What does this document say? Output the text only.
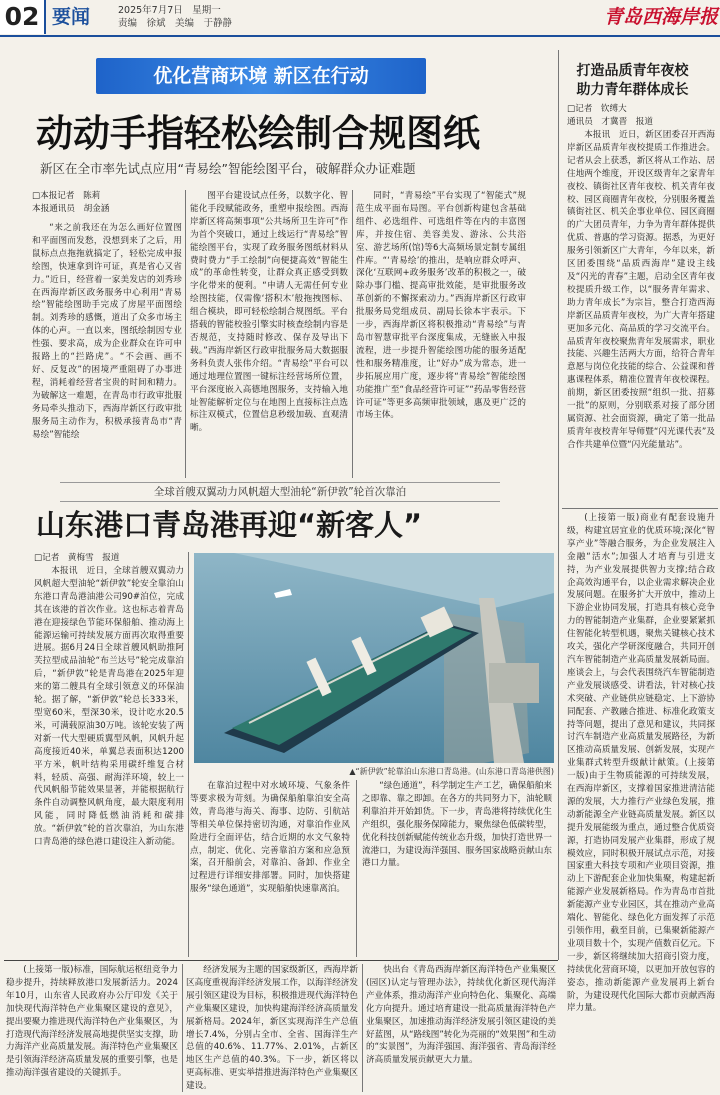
02 要闻	2025年7月7日　星期一
责编　徐斌　美编　于静静	青岛西海岸报
优化营商环境 新区在行动
动动手指轻松绘制合规图纸
新区在全市率先试点应用“青易绘”智能绘图平台，破解群众办证难题
□本报记者　陈莉
本报通讯员　胡金涵

“来之前我还在为怎么画好位置图和平面图而发愁，没想到来了之后，用鼠标点点拖拖就搞定了，轻松完成申报绘图，快速拿到许可证，真是省心又省力。”近日，经营着一家美发店的刘秀珍在西海岸新区政务服务中心利用“青易绘”智能绘图助手完成了房屋平面图绘制。刘秀珍的感慨，道出了众多市场主体的心声。一直以来，图纸绘制因专业性强、要求高，成为企业群众在许可申报路上的“拦路虎”。“不会画、画不好、反复改”的困境严重阻碍了办事进程，消耗着经营者宝贵的时间和精力。为破解这一难题，在青岛市行政审批服务局牵头推动下，西海岸新区行政审批服务局主动作为，积极承接青岛市“青易绘”智能绘

图平台建设试点任务，以数字化、智能化手段赋能政务，重塑申报绘图。西海岸新区将高频事项“公共场所卫生许可”作为首个突破口，通过上线运行“青易绘”智能绘图平台，实现了政务服务图纸材料从费时费力“手工绘制”向便捷高效“智能生成”的革命性转变，让群众真正感受到数字化带来的便利。“申请人无需任何专业绘图技能，仅需像‘搭积木’般拖拽图标、组合模块，即可轻松绘制合规图纸。平台搭载的智能校验引擎实时核查绘制内容是否规范，支持随时修改、保存及导出下载。”西海岸新区行政审批服务局大数据服务科负责人张伟介绍。“青易绘”平台可以通过地理位置图一键标注经营场所位置，平台深度嵌入高德地图服务，支持输入地址智能解析定位与在地图上直接标注点选标注双模式，位置信息秒级加载、直观清晰。

同时，“青易绘”平台实现了“智能式”规范生成平面布局图。平台创新构建包含基础组件、必选组件、可选组件等在内的丰富图库，并按住宿、美容美发、游泳、公共浴室、游艺场所(馆)等6大高频场景定制专属组件库。“‘青易绘’的推出，是响应群众呼声、深化‘互联网+政务服务’改革的积极之一，破除办事门槛、提高审批效能，是审批服务改革创新的不懈探索动力。”西海岸新区行政审批服务局党组成员、副局长徐本宇表示。下一步，西海岸新区将积极推动“青易绘”与青岛市智慧审批平台深度集成，无缝嵌入申报流程，进一步提升智能绘图功能的服务适配性和服务精准度，让“好办”成为常态，进一步拓展应用广度，逐步将“青易绘”智能绘图功能推广至“食品经营许可证”“药品零售经营许可证”等更多高频审批领域，惠及更广泛的市场主体。

打造品质青年夜校
助力青年群体成长
□记者　钦缚大
通讯员　才冀晋　报道

本报讯　近日，新区团委召开西海岸新区品质青年夜校提质工作推进会。记者从会上获悉，新区将从工作站、居住地两个维度，开设区级青年之家青年夜校、镇街社区青年夜校、机关青年夜校、园区商圈青年夜校，分别服务覆盖镇街社区、机关企事业单位、园区商圈的广大团员青年，力争为青年群体提供优质、普惠的学习资源。据悉，为更好服务引领新区广大青年，今年以来，新区团委围绕“品质西海岸”建设主线及“闪光的青春”主题，启动全区青年夜校提质升级工作，以“服务青年需求、助力青年成长”为宗旨，整合打造西海岸新区品质青年夜校，为广大青年搭建更加多元化、高品质的学习交流平台。品质青年夜校聚焦青年发展需求，职业技能、兴趣生活两大方面，给符合青年意愿与岗位化技能的综合、公益课和普惠课程体系，精准位置青年夜校课程。前期，新区团委按照“组织一批、招募一批”的原则，分别联系对接了部分团属资源、社会面资源，确定了第一批品质青年夜校青年导师暨“闪光课代表”及合作共建单位暨“闪光能量站”。

(上接第一版)商业有配套设施升级，构建宜居宜业的优质环境;深化“智享产业”等融合服务，为企业发展注入金融“活水”;加强人才培育与引进支持，为产业发展提供智力支撑;结合政企高效沟通平台，以企业需求解决企业发展问题。在服务扩大开放中，推动上下游企业协同发展，打造具有核心竞争力的智能制造产业集群，企业要紧紧抓住智能化转型机遇，聚焦关键核心技术攻关，强化产学研深度融合，共同开创汽车智能制造产业高质量发展新局面。座谈会上，与会代表围绕汽车智能制造产业发展谈感受、讲看法，针对核心技术突破、产业链供应链稳定、上下游协同配套、产教融合推进、标准化政策支持等问题，提出了意见和建议，共同探讨汽车制造产业高质量发展路径，为新区推动高质量发展、创新发展，实现产业集群式转型升级献计献策。(上接第一版)由于生物质能源的可持续发展，在西海岸新区，支撑着国家推进清洁能源的发展，大力推行产业绿色发展，推动新能源全产业链高质量发展。新区以提升发展能级为重点，通过整合优质资源，打造协同发展产业集群，形成了规模效应，同时积极开展试点示范，对接国家重大科技专项和产业项目资源，推动上下游配套企业加快集聚，构建起新能源产业发展新格局。作为青岛市首批新能源产业专业园区，其在推动产业高端化、智能化、绿色化方面发挥了示范引领作用，截至目前，已集聚新能源产业项目数十个，实现产值数百亿元。下一步，新区将继续加大招商引资力度，持续优化营商环境，以更加开放包容的姿态，推动新能源产业发展再上新台阶，为建设现代化国际大都市贡献西海岸力量。

全球首艘双翼动力风帆超大型油轮“新伊敦”轮首次靠泊
山东港口青岛港再迎“新客人”
□记者　黄梅雪　报道

本报讯　近日，全球首艘双翼动力风帆超大型油轮“新伊敦”轮安全靠泊山东港口青岛港油港公司90#泊位，完成其在该港的首次作业。这也标志着青岛港在迎接绿色节能环保船舶、推动海上能源运输可持续发展方面再次取得重要进展。据6月24日全球首艘风帆助推阿芙拉型成品油轮“布兰达号”轮完成靠泊后，“新伊敦”轮是青岛港在2025年迎来的第二艘具有全球引领意义的环保油轮。据了解，“新伊敦”轮总长333米，型宽60米，型深30米，设计吃水20.5米，可满载原油30万吨。该轮安装了两对新一代大型硬质翼型风帆，风帆升起高度接近40米，单翼总表面积达1200平方米，帆叶结构采用碳纤维复合材料，轻质、高强、耐海洋环境，较上一代风帆船节能效果显著，并能根据航行条件自动调整风帆角度，最大限度利用风能，同时降低燃油消耗和碳排放。“新伊敦”轮的首次靠泊，为山东港口青岛港的绿色港口建设注入新动能。

▲“新伊敦”轮靠泊山东港口青岛港。(山东港口青岛港供图)

在靠泊过程中对水域环境、气象条件等要求极为苛刻。为确保船舶靠泊安全高效，青岛港与海关、海事、边防、引航站等相关单位保持密切沟通，对靠泊作业风险进行全面评估，结合近期的水文气象特点，制定、优化、完善靠泊方案和应急预案，召开船前会，对靠泊、备卸、作业全过程进行详细安排部署。同时，加快搭建服务“绿色通道”，实现船舶快速靠离泊。

“绿色通道”，科学制定生产工艺，确保船舶来之即靠、靠之即卸。在各方的共同努力下，油轮顺利靠泊并开始卸货。下一步，青岛港将持续优化生产组织，强化服务保障能力，聚焦绿色低碳转型，优化科技创新赋能传统业态升级，加快打造世界一流港口，为建设海洋强国、服务国家战略贡献山东港口力量。

(上接第一版)标准，国际航运枢纽竞争力稳步提升，持续释放港口发展新活力。2024年10月，山东省人民政府办公厅印发《关于加快现代海洋特色产业集聚区建设的意见》，提出要聚力推进现代海洋特色产业集聚区，为打造现代海洋经济发展高地提供坚实支撑，助力海洋产业高质量发展。海洋特色产业集聚区是引领海洋经济高质量发展的重要引擎，也是推动海洋强省建设的关键抓手。

经济发展为主题的国家级新区，西海岸新区高度重视海洋经济发展工作，以海洋经济发展引领区建设为目标，积极推进现代海洋特色产业集聚区建设，加快构建海洋经济高质量发展新格局。2024年，新区实现海洋生产总值增长7.4%，分别占全市、全省、国海洋生产总值的40.6%、11.77%、2.01%，占新区地区生产总值的40.3%。下一步，新区将以更高标准、更实举措推进海洋特色产业集聚区建设。

快出台《青岛西海岸新区海洋特色产业集聚区(园区)认定与管理办法》，持续优化新区现代海洋产业体系，推动海洋产业向特色化、集聚化、高端化方向提升。通过培育建设一批高质量海洋特色产业集聚区，加速推动海洋经济发展引领区建设的美好蓝图，从“路线图”转化为亮丽的“效果图”和生动的“实景图”，为海洋强国、海洋强省、青岛海洋经济高质量发展贡献更大力量。
